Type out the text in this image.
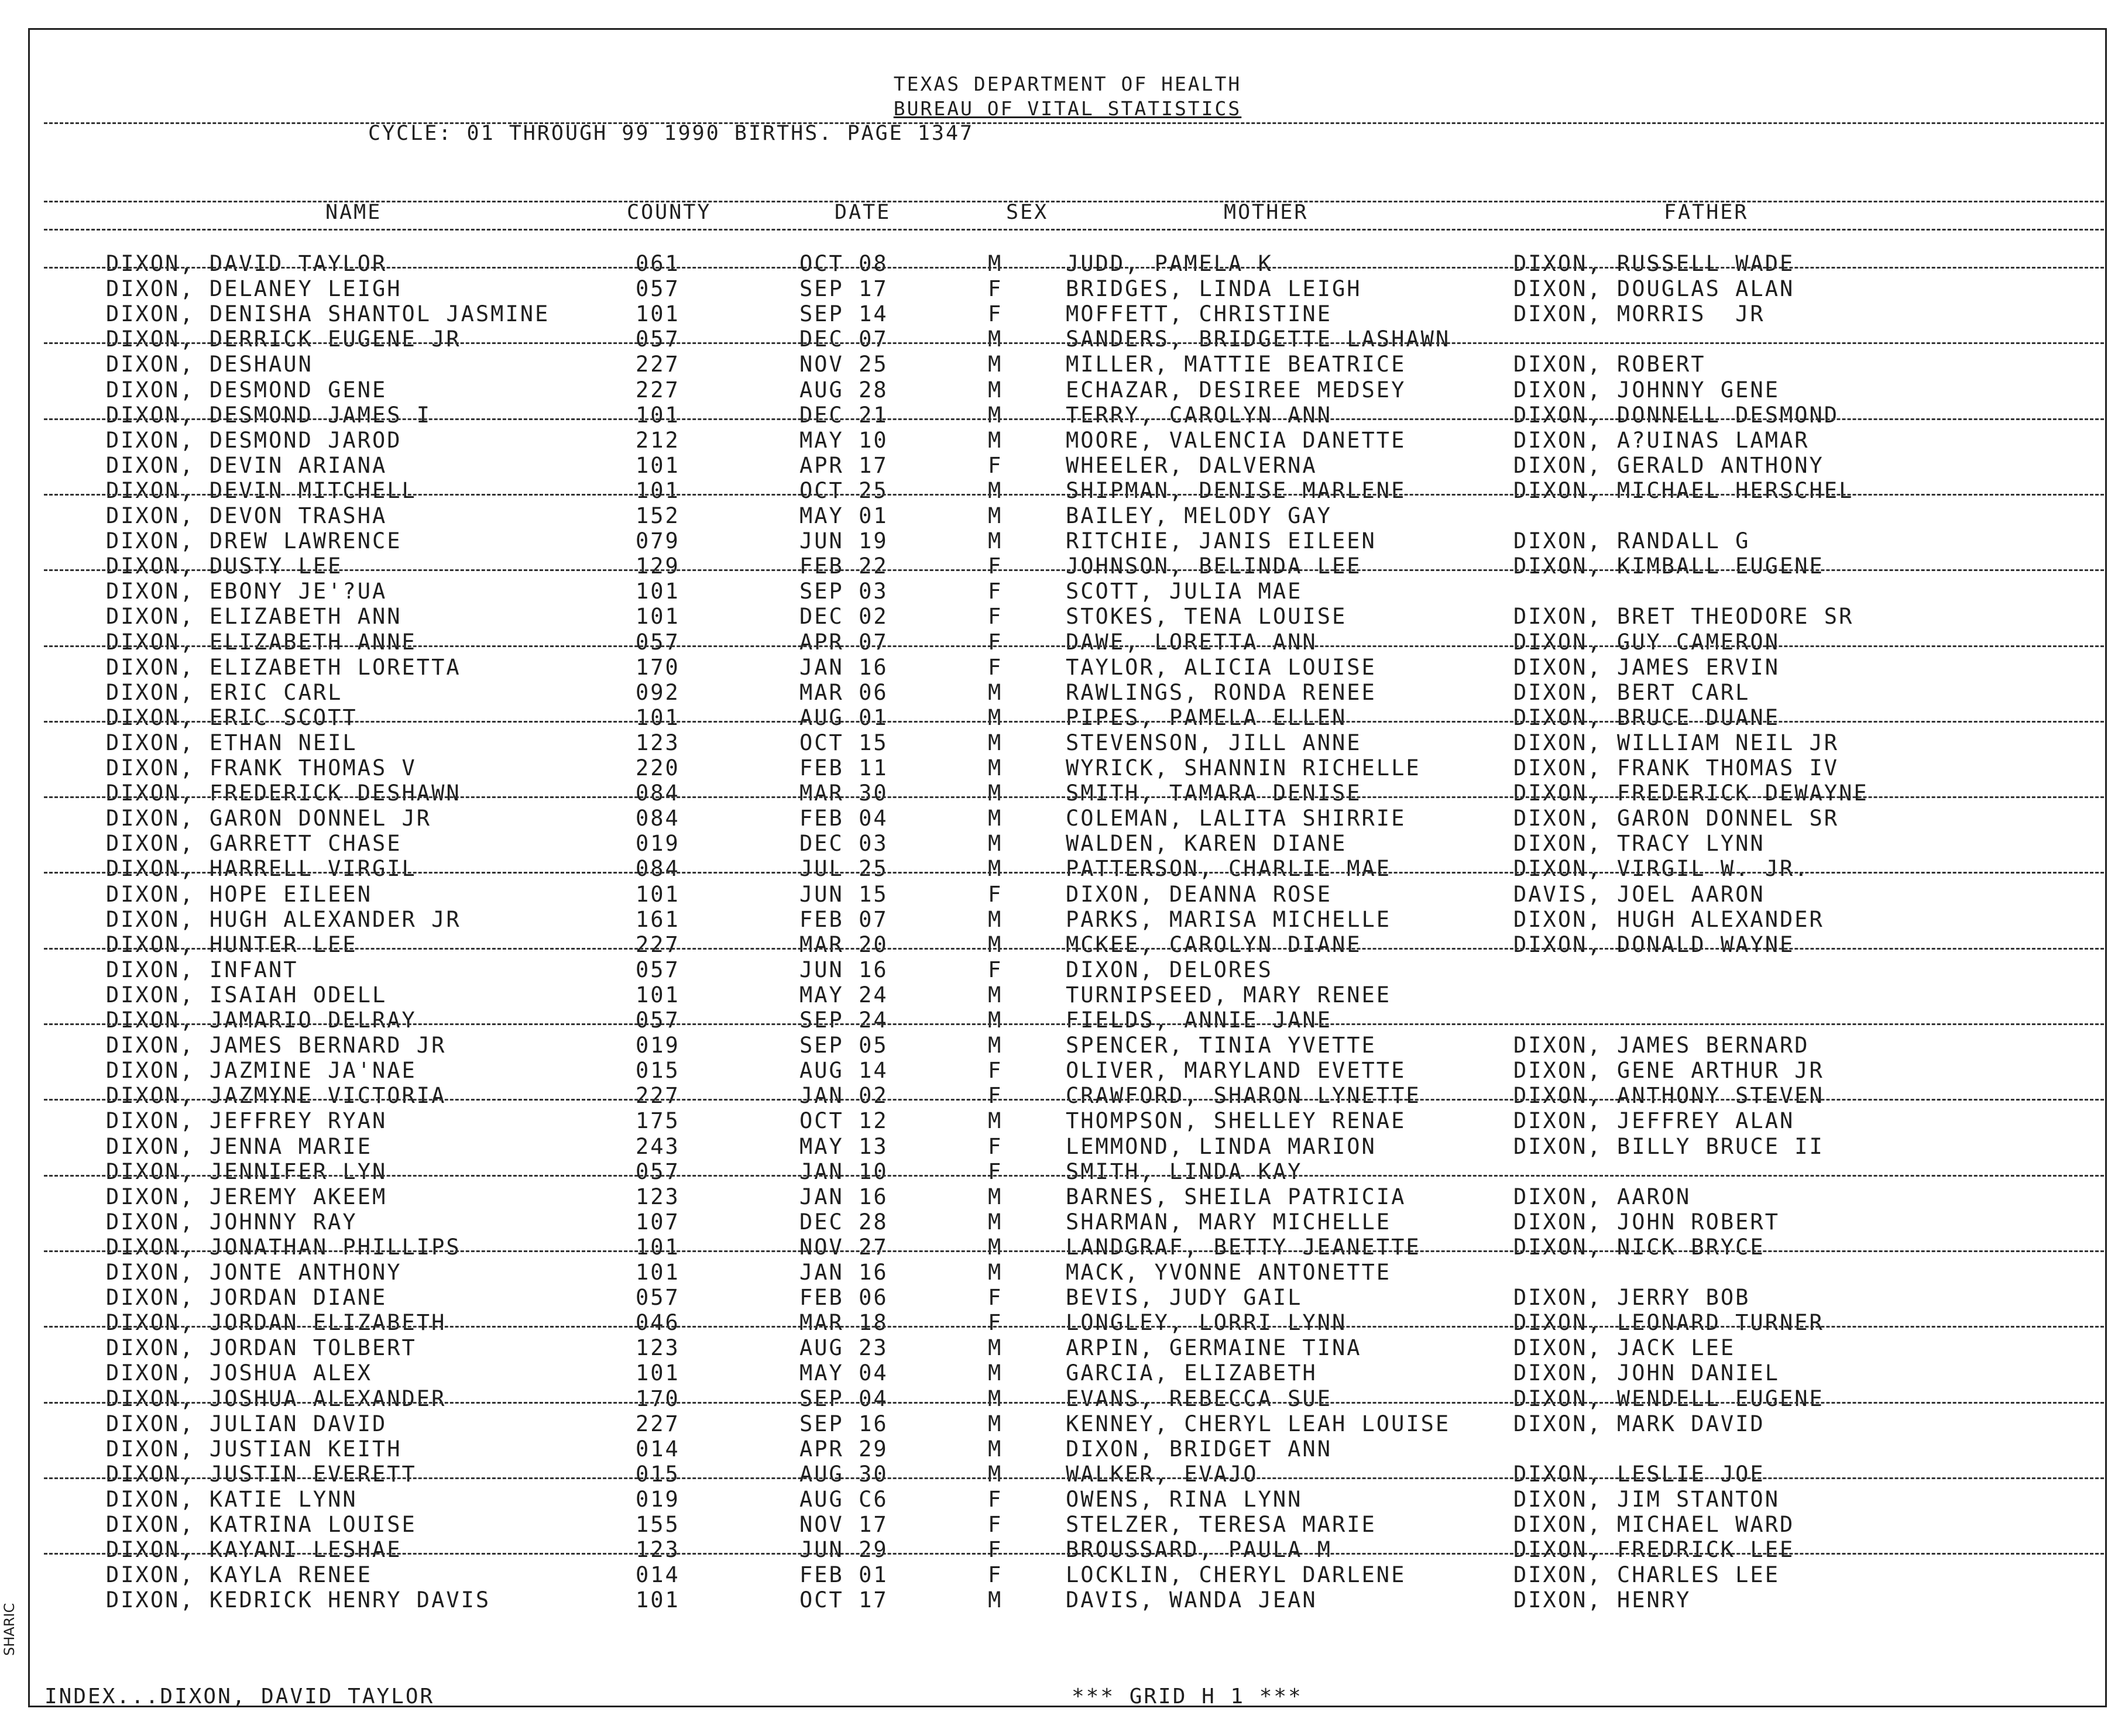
TEXAS DEPARTMENT OF HEALTH
BUREAU OF VITAL STATISTICS
CYCLE: 01 THROUGH 99 1990 BIRTHS. PAGE 1347
NAME	COUNTY	DATE	SEX	MOTHER	FATHER
DIXON, DAVID TAYLOR	061	OCT 08	M	JUDD, PAMELA K	DIXON, RUSSELL WADE
DIXON, DELANEY LEIGH	057	SEP 17	F	BRIDGES, LINDA LEIGH	DIXON, DOUGLAS ALAN
DIXON, DENISHA SHANTOL JASMINE	101	SEP 14	F	MOFFETT, CHRISTINE	DIXON, MORRIS  JR
DIXON, DERRICK EUGENE JR	057	DEC 07	M	SANDERS, BRIDGETTE LASHAWN
DIXON, DESHAUN	227	NOV 25	M	MILLER, MATTIE BEATRICE	DIXON, ROBERT
DIXON, DESMOND GENE	227	AUG 28	M	ECHAZAR, DESIREE MEDSEY	DIXON, JOHNNY GENE
DIXON, DESMOND JAMES I	101	DEC 21	M	TERRY, CAROLYN ANN	DIXON, DONNELL DESMOND
DIXON, DESMOND JAROD	212	MAY 10	M	MOORE, VALENCIA DANETTE	DIXON, A?UINAS LAMAR
DIXON, DEVIN ARIANA	101	APR 17	F	WHEELER, DALVERNA	DIXON, GERALD ANTHONY
DIXON, DEVIN MITCHELL	101	OCT 25	M	SHIPMAN, DENISE MARLENE	DIXON, MICHAEL HERSCHEL
DIXON, DEVON TRASHA	152	MAY 01	M	BAILEY, MELODY GAY
DIXON, DREW LAWRENCE	079	JUN 19	M	RITCHIE, JANIS EILEEN	DIXON, RANDALL G
DIXON, DUSTY LEE	129	FEB 22	F	JOHNSON, BELINDA LEE	DIXON, KIMBALL EUGENE
DIXON, EBONY JE'?UA	101	SEP 03	F	SCOTT, JULIA MAE
DIXON, ELIZABETH ANN	101	DEC 02	F	STOKES, TENA LOUISE	DIXON, BRET THEODORE SR
DIXON, ELIZABETH ANNE	057	APR 07	F	DAWE, LORETTA ANN	DIXON, GUY CAMERON
DIXON, ELIZABETH LORETTA	170	JAN 16	F	TAYLOR, ALICIA LOUISE	DIXON, JAMES ERVIN
DIXON, ERIC CARL	092	MAR 06	M	RAWLINGS, RONDA RENEE	DIXON, BERT CARL
DIXON, ERIC SCOTT	101	AUG 01	M	PIPES, PAMELA ELLEN	DIXON, BRUCE DUANE
DIXON, ETHAN NEIL	123	OCT 15	M	STEVENSON, JILL ANNE	DIXON, WILLIAM NEIL JR
DIXON, FRANK THOMAS V	220	FEB 11	M	WYRICK, SHANNIN RICHELLE	DIXON, FRANK THOMAS IV
DIXON, FREDERICK DESHAWN	084	MAR 30	M	SMITH, TAMARA DENISE	DIXON, FREDERICK DEWAYNE
DIXON, GARON DONNEL JR	084	FEB 04	M	COLEMAN, LALITA SHIRRIE	DIXON, GARON DONNEL SR
DIXON, GARRETT CHASE	019	DEC 03	M	WALDEN, KAREN DIANE	DIXON, TRACY LYNN
DIXON, HARRELL VIRGIL	084	JUL 25	M	PATTERSON, CHARLIE MAE	DIXON, VIRGIL W. JR.
DIXON, HOPE EILEEN	101	JUN 15	F	DIXON, DEANNA ROSE	DAVIS, JOEL AARON
DIXON, HUGH ALEXANDER JR	161	FEB 07	M	PARKS, MARISA MICHELLE	DIXON, HUGH ALEXANDER
DIXON, HUNTER LEE	227	MAR 20	M	MCKEE, CAROLYN DIANE	DIXON, DONALD WAYNE
DIXON, INFANT	057	JUN 16	F	DIXON, DELORES
DIXON, ISAIAH ODELL	101	MAY 24	M	TURNIPSEED, MARY RENEE
DIXON, JAMARIO DELRAY	057	SEP 24	M	FIELDS, ANNIE JANE
DIXON, JAMES BERNARD JR	019	SEP 05	M	SPENCER, TINIA YVETTE	DIXON, JAMES BERNARD
DIXON, JAZMINE JA'NAE	015	AUG 14	F	OLIVER, MARYLAND EVETTE	DIXON, GENE ARTHUR JR
DIXON, JAZMYNE VICTORIA	227	JAN 02	F	CRAWFORD, SHARON LYNETTE	DIXON, ANTHONY STEVEN
DIXON, JEFFREY RYAN	175	OCT 12	M	THOMPSON, SHELLEY RENAE	DIXON, JEFFREY ALAN
DIXON, JENNA MARIE	243	MAY 13	F	LEMMOND, LINDA MARION	DIXON, BILLY BRUCE II
DIXON, JENNIFER LYN	057	JAN 10	F	SMITH, LINDA KAY
DIXON, JEREMY AKEEM	123	JAN 16	M	BARNES, SHEILA PATRICIA	DIXON, AARON
DIXON, JOHNNY RAY	107	DEC 28	M	SHARMAN, MARY MICHELLE	DIXON, JOHN ROBERT
DIXON, JONATHAN PHILLIPS	101	NOV 27	M	LANDGRAF, BETTY JEANETTE	DIXON, NICK BRYCE
DIXON, JONTE ANTHONY	101	JAN 16	M	MACK, YVONNE ANTONETTE
DIXON, JORDAN DIANE	057	FEB 06	F	BEVIS, JUDY GAIL	DIXON, JERRY BOB
DIXON, JORDAN ELIZABETH	046	MAR 18	F	LONGLEY, LORRI LYNN	DIXON, LEONARD TURNER
DIXON, JORDAN TOLBERT	123	AUG 23	M	ARPIN, GERMAINE TINA	DIXON, JACK LEE
DIXON, JOSHUA ALEX	101	MAY 04	M	GARCIA, ELIZABETH	DIXON, JOHN DANIEL
DIXON, JOSHUA ALEXANDER	170	SEP 04	M	EVANS, REBECCA SUE	DIXON, WENDELL EUGENE
DIXON, JULIAN DAVID	227	SEP 16	M	KENNEY, CHERYL LEAH LOUISE	DIXON, MARK DAVID
DIXON, JUSTIAN KEITH	014	APR 29	M	DIXON, BRIDGET ANN
DIXON, JUSTIN EVERETT	015	AUG 30	M	WALKER, EVAJO	DIXON, LESLIE JOE
DIXON, KATIE LYNN	019	AUG C6	F	OWENS, RINA LYNN	DIXON, JIM STANTON
DIXON, KATRINA LOUISE	155	NOV 17	F	STELZER, TERESA MARIE	DIXON, MICHAEL WARD
DIXON, KAYANI LESHAE	123	JUN 29	F	BROUSSARD, PAULA M	DIXON, FREDRICK LEE
DIXON, KAYLA RENEE	014	FEB 01	F	LOCKLIN, CHERYL DARLENE	DIXON, CHARLES LEE
DIXON, KEDRICK HENRY DAVIS	101	OCT 17	M	DAVIS, WANDA JEAN	DIXON, HENRY
INDEX...DIXON, DAVID TAYLOR	*** GRID H 1 ***
SHARIC
